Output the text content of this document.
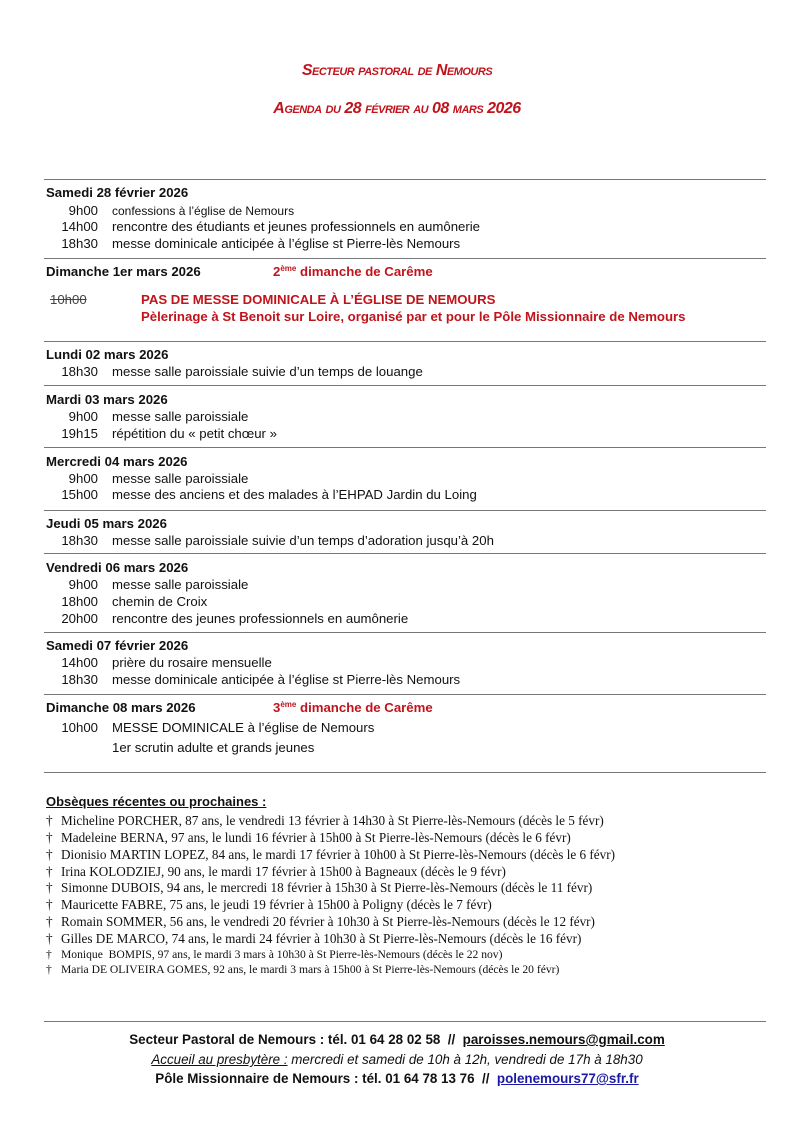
Secteur pastoral de Nemours
Agenda du 28 février au 08 mars 2026
Samedi 28 février 2026
9h00 confessions à l’église de Nemours
14h00 rencontre des étudiants et jeunes professionnels en aumônerie
18h30 messe dominicale anticipée à l’église st Pierre-lès Nemours
Dimanche 1er mars 2026	2ème dimanche de Carême
10h00	PAS DE MESSE DOMINICALE À L’ÉGLISE DE NEMOURS
Pèlerinage à St Benoit sur Loire, organisé par et pour le Pôle Missionnaire de Nemours
Lundi 02 mars 2026
18h30 messe salle paroissiale suivie d’un temps de louange
Mardi 03 mars 2026
9h00 messe salle paroissiale
19h15 répétition du « petit chœur »
Mercredi 04 mars 2026
9h00 messe salle paroissiale
15h00 messe des anciens et des malades à l’EHPAD Jardin du Loing
Jeudi 05 mars 2026
18h30 messe salle paroissiale suivie d’un temps d’adoration jusqu’à 20h
Vendredi 06 mars 2026
9h00 messe salle paroissiale
18h00 chemin de Croix
20h00 rencontre des jeunes professionnels en aumônerie
Samedi 07 février 2026
14h00 prière du rosaire mensuelle
18h30 messe dominicale anticipée à l’église st Pierre-lès Nemours
Dimanche 08 mars 2026	3ème dimanche de Carême
10h00 MESSE DOMINICALE à l’église de Nemours
1er scrutin adulte et grands jeunes
Obsèques récentes ou prochaines :
† Micheline PORCHER, 87 ans, le vendredi 13 février à 14h30 à St Pierre-lès-Nemours (décès le 5 févr)
† Madeleine BERNA, 97 ans, le lundi 16 février à 15h00 à St Pierre-lès-Nemours (décès le 6 févr)
† Dionisio MARTIN LOPEZ, 84 ans, le mardi 17 février à 10h00 à St Pierre-lès-Nemours (décès le 6 févr)
† Irina KOLODZIEJ, 90 ans, le mardi 17 février à 15h00 à Bagneaux (décès le 9 févr)
† Simonne DUBOIS, 94 ans, le mercredi 18 février à 15h30 à St Pierre-lès-Nemours (décès le 11 févr)
† Mauricette FABRE, 75 ans, le jeudi 19 février à 15h00 à Poligny (décès le 7 févr)
† Romain SOMMER, 56 ans, le vendredi 20 février à 10h30 à St Pierre-lès-Nemours (décès le 12 févr)
† Gilles DE MARCO, 74 ans, le mardi 24 février à 10h30 à St Pierre-lès-Nemours (décès le 16 févr)
† Monique  BOMPIS, 97 ans, le mardi 3 mars à 10h30 à St Pierre-lès-Nemours (décès le 22 nov)
† Maria DE OLIVEIRA GOMES, 92 ans, le mardi 3 mars à 15h00 à St Pierre-lès-Nemours (décès le 20 févr)
Secteur Pastoral de Nemours : tél. 01 64 28 02 58  //  paroisses.nemours@gmail.com
Accueil au presbytère : mercredi et samedi de 10h à 12h, vendredi de 17h à 18h30
Pôle Missionnaire de Nemours : tél. 01 64 78 13 76  //  polenemours77@sfr.fr
